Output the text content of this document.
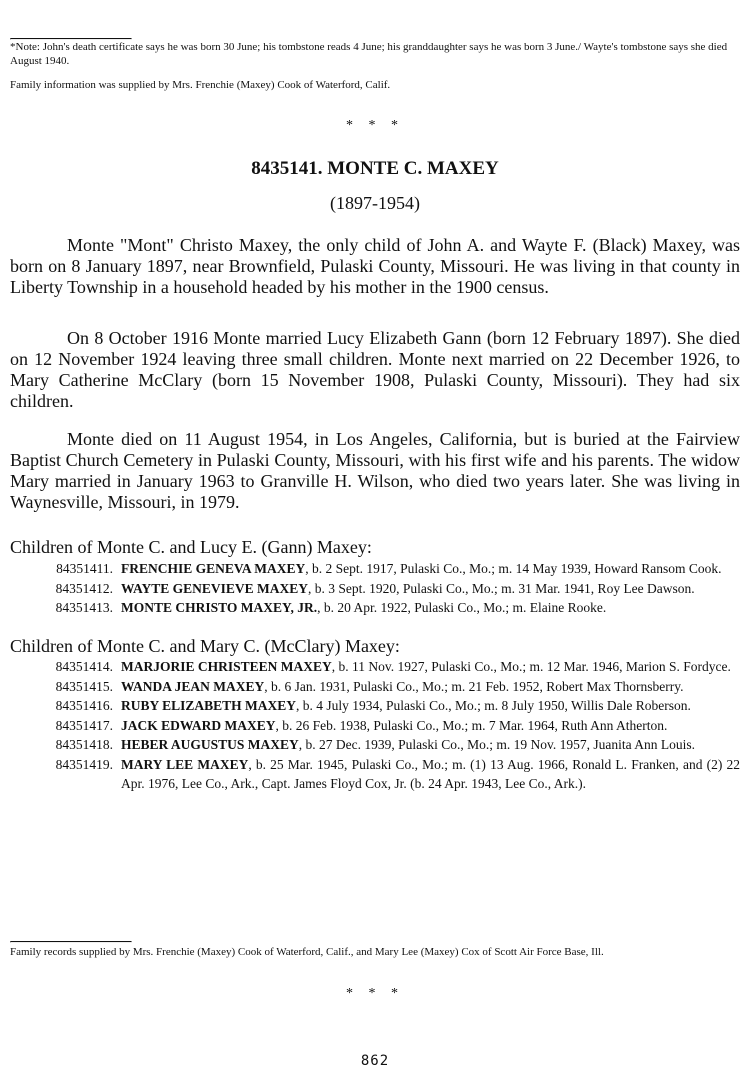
*Note: John's death certificate says he was born 30 June; his tombstone reads 4 June; his granddaughter says he was born 3 June./ Wayte's tombstone says she died August 1940.
Family information was supplied by Mrs. Frenchie (Maxey) Cook of Waterford, Calif.
* * *
8435141. MONTE C. MAXEY
(1897-1954)

Monte "Mont" Christo Maxey, the only child of John A. and Wayte F. (Black) Maxey, was born on 8 January 1897, near Brownfield, Pulaski County, Missouri. He was living in that county in Liberty Township in a household headed by his mother in the 1900 census.

On 8 October 1916 Monte married Lucy Elizabeth Gann (born 12 February 1897). She died on 12 November 1924 leaving three small children. Monte next married on 22 December 1926, to Mary Catherine McClary (born 15 November 1908, Pulaski County, Missouri). They had six children.

Monte died on 11 August 1954, in Los Angeles, California, but is buried at the Fairview Baptist Church Cemetery in Pulaski County, Missouri, with his first wife and his parents. The widow Mary married in January 1963 to Granville H. Wilson, who died two years later. She was living in Waynesville, Missouri, in 1979.

Children of Monte C. and Lucy E. (Gann) Maxey:
84351411. FRENCHIE GENEVA MAXEY, b. 2 Sept. 1917, Pulaski Co., Mo.; m. 14 May 1939, Howard Ransom Cook.
84351412. WAYTE GENEVIEVE MAXEY, b. 3 Sept. 1920, Pulaski Co., Mo.; m. 31 Mar. 1941, Roy Lee Dawson.
84351413. MONTE CHRISTO MAXEY, JR., b. 20 Apr. 1922, Pulaski Co., Mo.; m. Elaine Rooke.
Children of Monte C. and Mary C. (McClary) Maxey:
84351414. MARJORIE CHRISTEEN MAXEY, b. 11 Nov. 1927, Pulaski Co., Mo.; m. 12 Mar. 1946, Marion S. Fordyce.
84351415. WANDA JEAN MAXEY, b. 6 Jan. 1931, Pulaski Co., Mo.; m. 21 Feb. 1952, Robert Max Thornsberry.
84351416. RUBY ELIZABETH MAXEY, b. 4 July 1934, Pulaski Co., Mo.; m. 8 July 1950, Willis Dale Roberson.
84351417. JACK EDWARD MAXEY, b. 26 Feb. 1938, Pulaski Co., Mo.; m. 7 Mar. 1964, Ruth Ann Atherton.
84351418. HEBER AUGUSTUS MAXEY, b. 27 Dec. 1939, Pulaski Co., Mo.; m. 19 Nov. 1957, Juanita Ann Louis.
84351419. MARY LEE MAXEY, b. 25 Mar. 1945, Pulaski Co., Mo.; m. (1) 13 Aug. 1966, Ronald L. Franken, and (2) 22 Apr. 1976, Lee Co., Ark., Capt. James Floyd Cox, Jr. (b. 24 Apr. 1943, Lee Co., Ark.).
Family records supplied by Mrs. Frenchie (Maxey) Cook of Waterford, Calif., and Mary Lee (Maxey) Cox of Scott Air Force Base, Ill.
* * *
862
